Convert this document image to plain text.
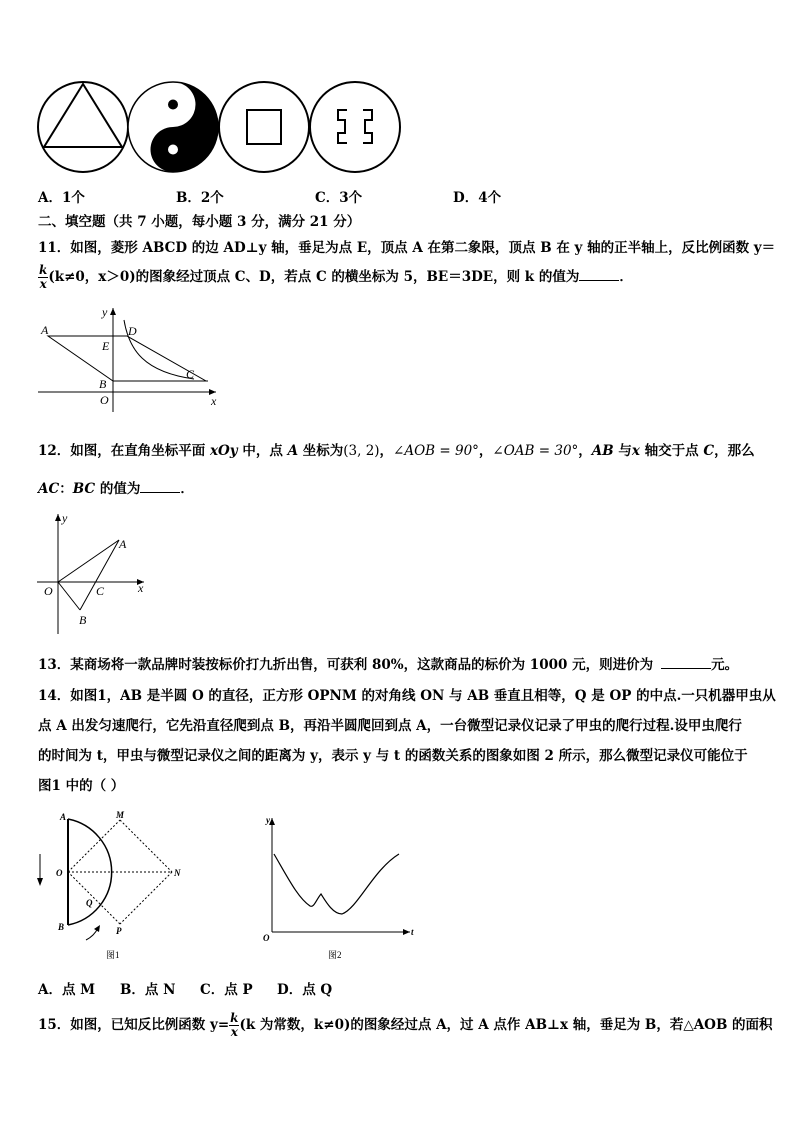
A．1个	B．2个	C．3个	D．4个
二、填空题（共 7 小题，每小题 3 分，满分 21 分）
11．如图，菱形 ABCD 的边 AD⊥y 轴，垂足为点 E，顶点 A 在第二象限，顶点 B 在 y 轴的正半轴上，反比例函数 y＝
$\frac{k}{x} (k\ne 0$，x＞0)的图象经过顶点 C、D，若点 C 的横坐标为 5，BE＝3DE，则 k 的值为	．
A	D
E
B
C
O	x
y
12．如图，在直角坐标平面 xOy 中，点 A 坐标为(3, 2)，∠AOB = 90°，∠OAB = 30°，AB 与x 轴交于点 C，那么
AC：BC 的值为	．
y
A
O	C	x
B
13．某商场将一款品牌时装按标价打九折出售，可获利 80%，这款商品的标价为 1000 元，则进价为	元。
14．如图1，AB 是半圆 O 的直径，正方形 OPNM 的对角线 ON 与 AB 垂直且相等，Q 是 OP 的中点.一只机器甲虫从
点 A 出发匀速爬行，它先沿直径爬到点 B，再沿半圆爬回到点 A，一台微型记录仪记录了甲虫的爬行过程.设甲虫爬行
的时间为 t，甲虫与微型记录仪之间的距离为 y，表示 y 与 t 的函数关系的图象如图 2 所示，那么微型记录仪可能位于
图1 中的（ ）
A	M
O	N
Q
B	P
图1
y
O
t
图2
A．点 M B．点 N C．点 P D．点 Q
15．如图，已知反比例函数 $y= \frac{k}{x} (k$ 为常数，k≠0)的图象经过点 A，过 A 点作 AB⊥x 轴，垂足为 B，若△AOB 的面积
